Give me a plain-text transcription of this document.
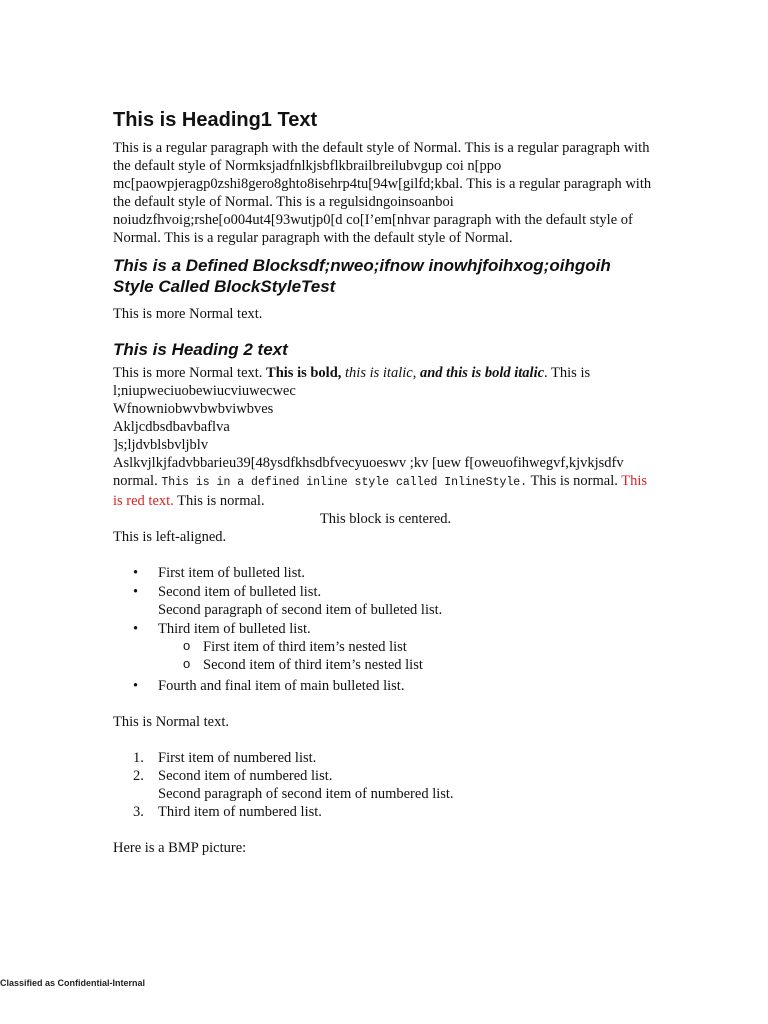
This is Heading1 Text

This is a regular paragraph with the default style of Normal. This is a regular paragraph with the default style of Normksjadfnlkjsbflkbrailbreilubvgup coi n[ppo mc[paowpjeragp0zshi8gero8ghto8isehrp4tu[94w[gilfd;kbal. This is a regular paragraph with the default style of Normal. This is a regulsidngoinsoanboi noiudzfhvoig;rshe[o004ut4[93wutjp0[d co[I’em[nhvar paragraph with the default style of Normal. This is a regular paragraph with the default style of Normal.

This is a Defined Blocksdf;nweo;ifnow inowhjfoihxog;oihgoih
Style Called BlockStyleTest

This is more Normal text.

This is Heading 2 text

This is more Normal text. This is bold, this is italic, and this is bold italic. This is
l;niupweciuobewiucviuwecwec
Wfnowniobwvbwbviwbves
Akljcdbsdbavbaflva
]s;ljdvblsbvljblv
Aslkvjlkjfadvbbarieu39[48ysdfkhsdbfvecyuoeswv ;kv [uew f[oweuofihwegvf,kjvkjsdfv
normal. This is in a defined inline style called InlineStyle. This is normal. This is red text. This is normal.

This block is centered.

This is left-aligned.

• First item of bulleted list.
• Second item of bulleted list.
Second paragraph of second item of bulleted list.
• Third item of bulleted list.
o First item of third item’s nested list
o Second item of third item’s nested list
• Fourth and final item of main bulleted list.

This is Normal text.

1. First item of numbered list.
2. Second item of numbered list.
Second paragraph of second item of numbered list.
3. Third item of numbered list.

Here is a BMP picture:

Classified as Confidential-Internal
